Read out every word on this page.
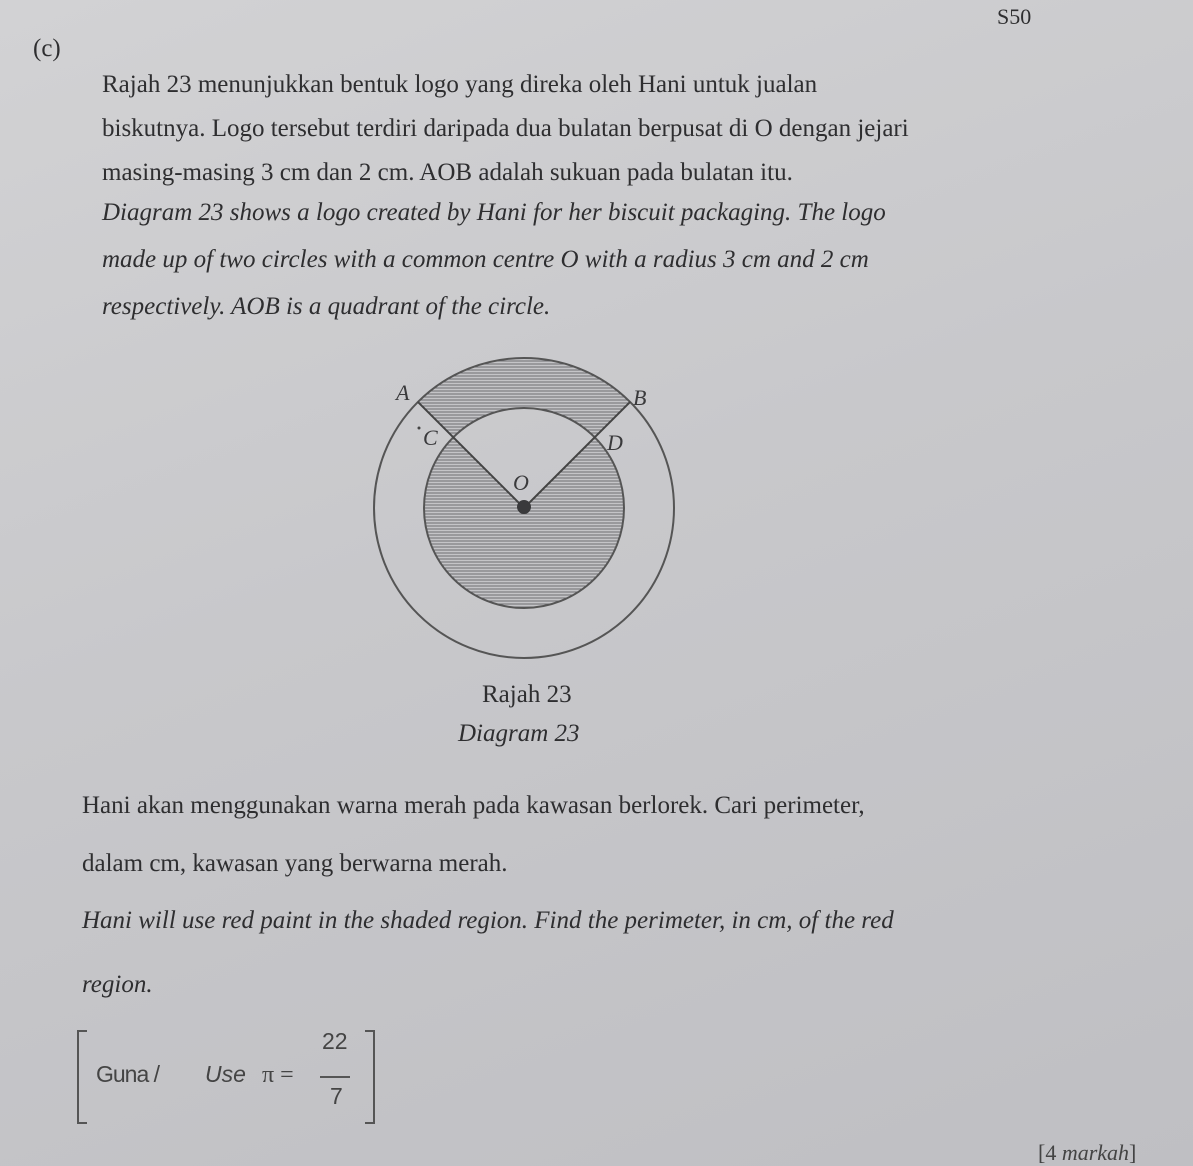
S50
(c)
Rajah 23 menunjukkan bentuk logo yang direka oleh Hani untuk jualan
biskutnya. Logo tersebut terdiri daripada dua bulatan berpusat di O dengan jejari
masing-masing 3 cm dan 2 cm. AOB adalah sukuan pada bulatan itu.
Diagram 23 shows a logo created by Hani for her biscuit packaging. The logo
made up of two circles with a common centre O with a radius 3 cm and 2 cm
respectively. AOB is a quadrant of the circle.
A	B
C	D
O
Rajah 23
Diagram 23
Hani akan menggunakan warna merah pada kawasan berlorek. Cari perimeter,
dalam cm, kawasan yang berwarna merah.
Hani will use red paint in the shaded region. Find the perimeter, in cm, of the red
region.
Guna / Use π =
22
7
[4 markah]
